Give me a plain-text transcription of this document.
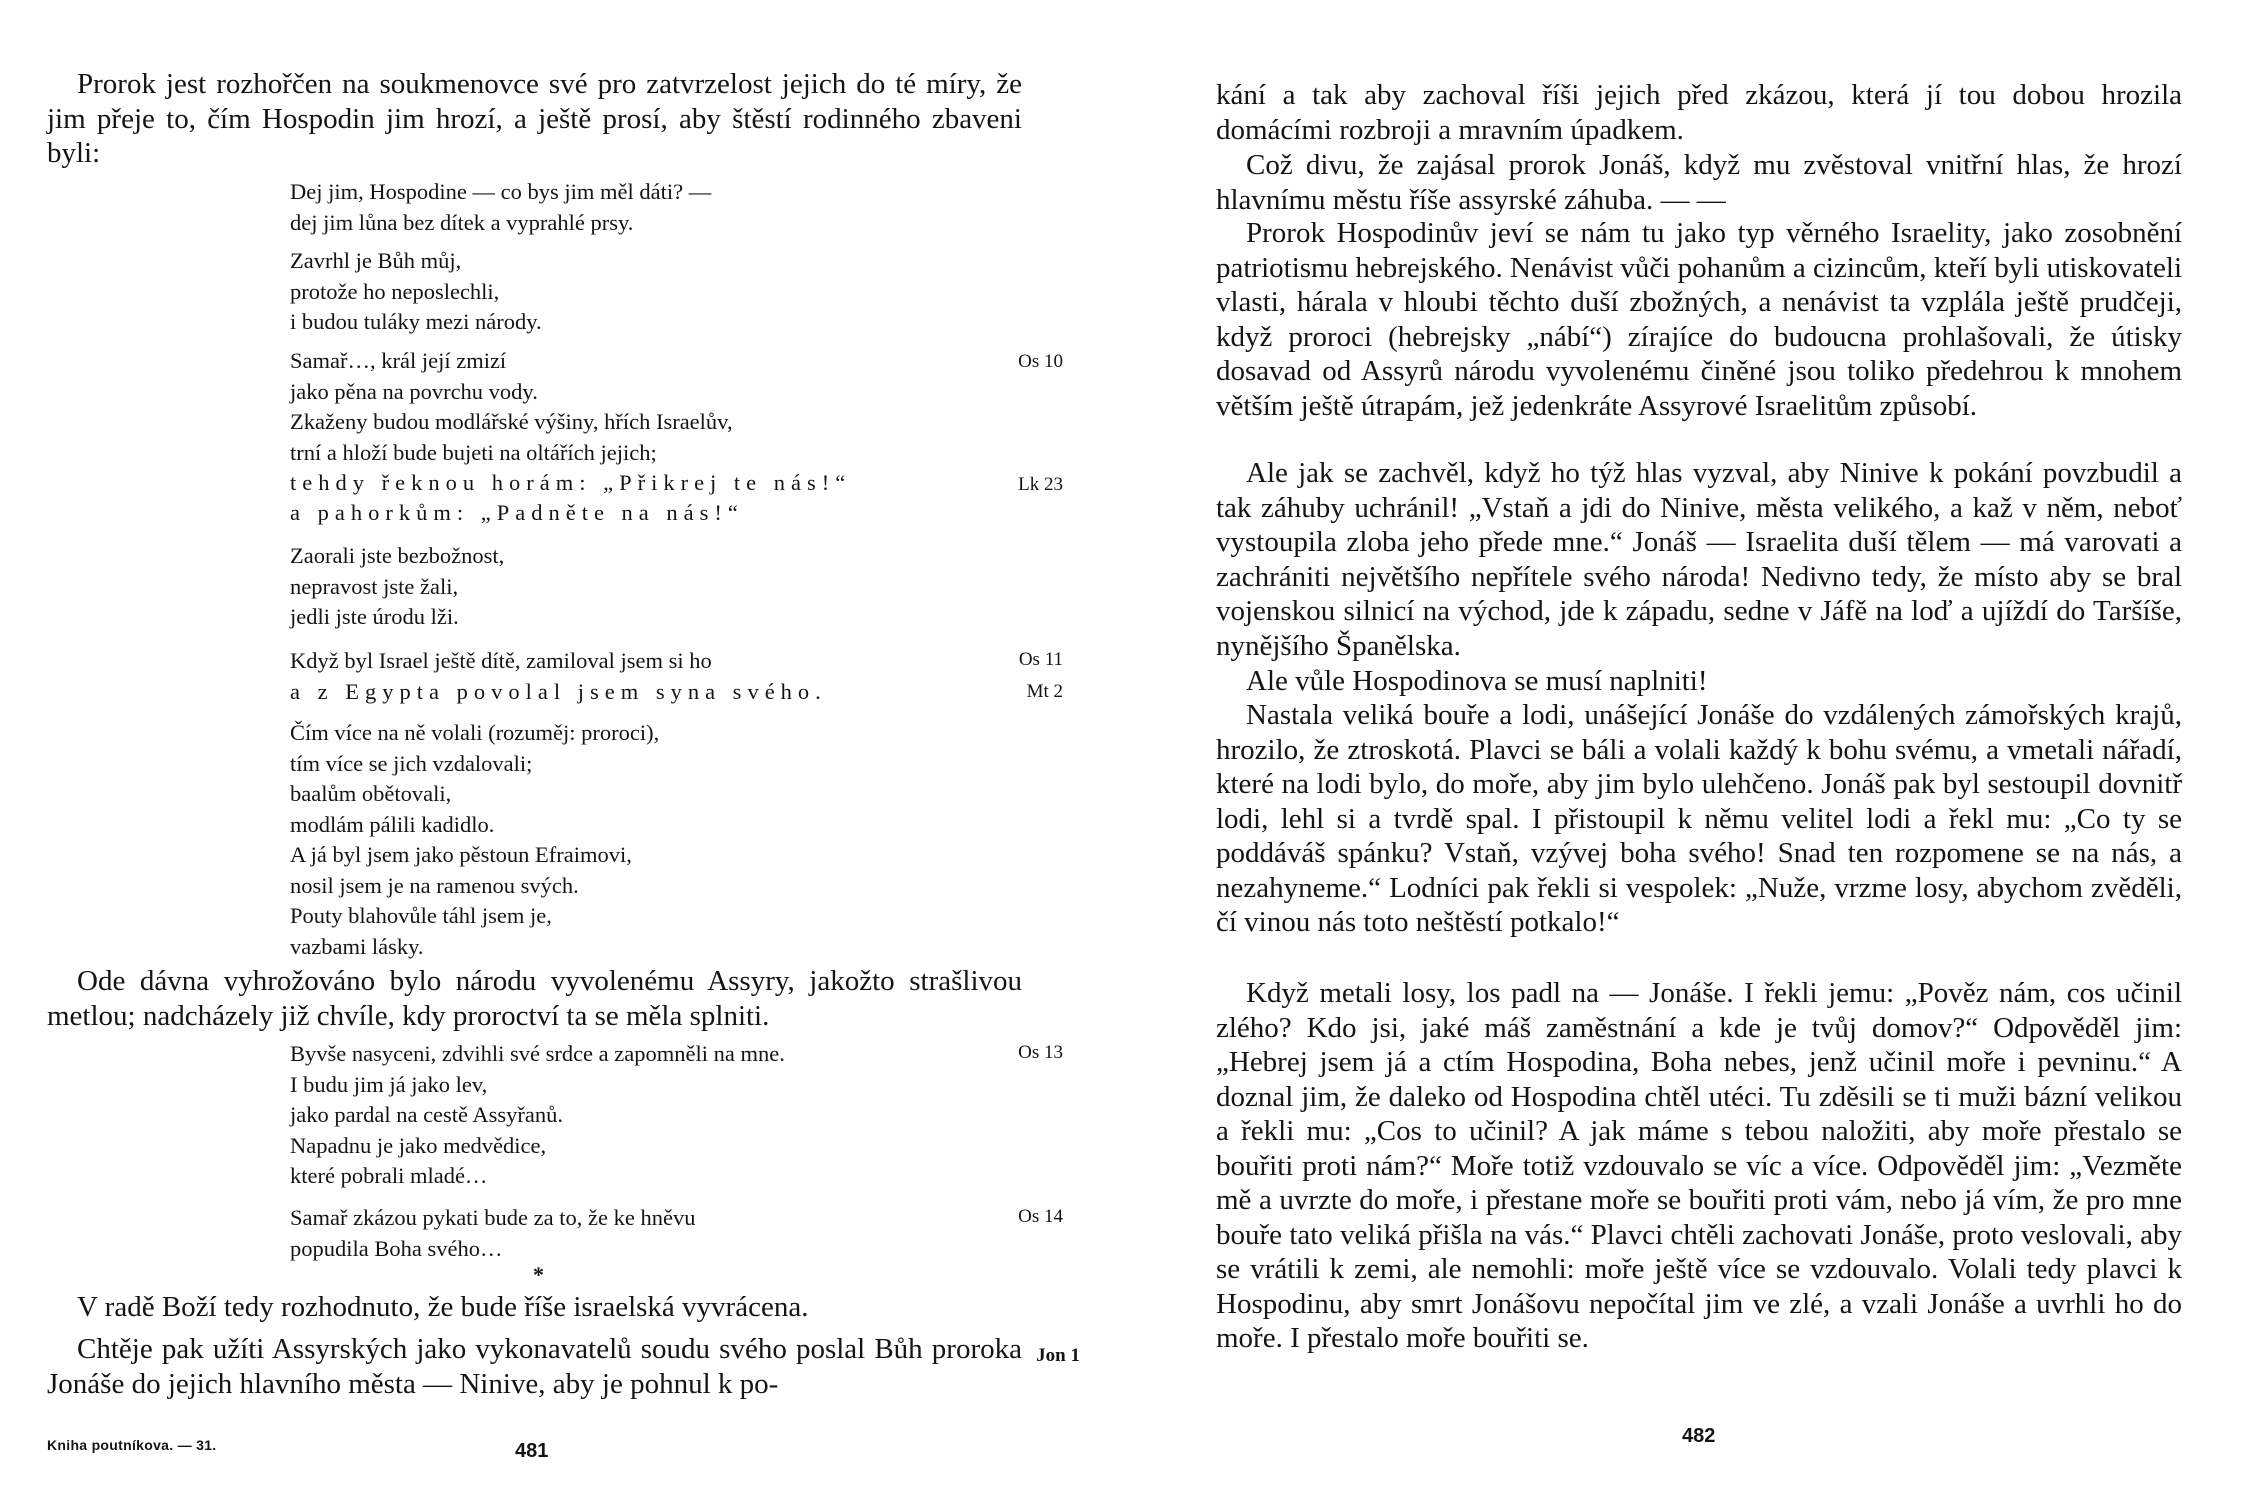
Prorok jest rozhořčen na soukmenovce své pro zatvrzelost jejich do té míry, že jim přeje to, čím Hospodin jim hrozí, a ještě prosí, aby štěstí rodinného zbaveni byli:

Dej jim, Hospodine — co bys jim měl dáti? —
dej jim lůna bez dítek a vyprahlé prsy.

Zavrhl je Bůh můj,
protože ho neposlechli,
i budou tuláky mezi národy.

Samař…, král její zmizí
jako pěna na povrchu vody.
Zkaženy budou modlářské výšiny, hřích Israelův,
trní a hloží bude bujeti na oltářích jejich;

tehdy řeknou horám: „Přikrej te nás!“

a pahorkům: „Padněte na nás!“

Zaorali jste bezbožnost,
nepravost jste žali,
jedli jste úrodu lži.

Když byl Israel ještě dítě, zamiloval jsem si ho

a z Egypta povolal jsem syna svého.

Čím více na ně volali (rozuměj: proroci),
tím více se jich vzdalovali;
baalům obětovali,
modlám pálili kadidlo.
A já byl jsem jako pěstoun Efraimovi,
nosil jsem je na ramenou svých.
Pouty blahovůle táhl jsem je,
vazbami lásky.

Ode dávna vyhrožováno bylo národu vyvolenému Assyry, jakožto strašlivou metlou; nadcházely již chvíle, kdy proroctví ta se měla splniti.

Byvše nasyceni, zdvihli své srdce a zapomněli na mne.
I budu jim já jako lev,
jako pardal na cestě Assyřanů.
Napadnu je jako medvědice,
které pobrali mladé…

Samař zkázou pykati bude za to, že ke hněvu
popudila Boha svého…

*

V radě Boží tedy rozhodnuto, že bude říše israelská vyvrácena.

Chtěje pak užíti Assyrských jako vykonavatelů soudu svého poslal Bůh proroka Jonáše do jejich hlavního města — Ninive, aby je pohnul k po-

Os 10
Lk 23
Os 11
Mt 2
Os 13
Os 14
Jon 1
Kniha poutníkova. — 31.	481

kání a tak aby zachoval říši jejich před zkázou, která jí tou dobou hrozila domácími rozbroji a mravním úpadkem.

Což divu, že zajásal prorok Jonáš, když mu zvěstoval vnitřní hlas, že hrozí hlavnímu městu říše assyrské záhuba. — —

Prorok Hospodinův jeví se nám tu jako typ věrného Israelity, jako zosobnění patriotismu hebrejského. Nenávist vůči pohanům a cizincům, kteří byli utiskovateli vlasti, hárala v hloubi těchto duší zbožných, a nenávist ta vzplála ještě prudčeji, když proroci (hebrejsky „nábí“) zírajíce do budoucna prohlašovali, že útisky dosavad od Assyrů národu vyvolenému činěné jsou toliko předehrou k mnohem větším ještě útrapám, jež jedenkráte Assyrové Israelitům způsobí.

Ale jak se zachvěl, když ho týž hlas vyzval, aby Ninive k pokání povzbudil a tak záhuby uchránil! „Vstaň a jdi do Ninive, města velikého, a kaž v něm, neboť vystoupila zloba jeho přede mne.“ Jonáš — Israelita duší tělem — má varovati a zachrániti největšího nepřítele svého národa! Nedivno tedy, že místo aby se bral vojenskou silnicí na východ, jde k západu, sedne v Jáfě na loď a ujíždí do Taršíše, nynějšího Španělska.

Ale vůle Hospodinova se musí naplniti!

Nastala veliká bouře a lodi, unášející Jonáše do vzdálených zámořských krajů, hrozilo, že ztroskotá. Plavci se báli a volali každý k bohu svému, a vmetali nářadí, které na lodi bylo, do moře, aby jim bylo ulehčeno. Jonáš pak byl sestoupil dovnitř lodi, lehl si a tvrdě spal. I přistoupil k němu velitel lodi a řekl mu: „Co ty se poddáváš spánku? Vstaň, vzývej boha svého! Snad ten rozpomene se na nás, a nezahyneme.“ Lodníci pak řekli si vespolek: „Nuže, vrzme losy, abychom zvěděli, čí vinou nás toto neštěstí potkalo!“

Když metali losy, los padl na — Jonáše. I řekli jemu: „Pověz nám, cos učinil zlého? Kdo jsi, jaké máš zaměstnání a kde je tvůj domov?“ Odpověděl jim: „Hebrej jsem já a ctím Hospodina, Boha nebes, jenž učinil moře i pevninu.“ A doznal jim, že daleko od Hospodina chtěl utéci. Tu zděsili se ti muži bázní velikou a řekli mu: „Cos to učinil? A jak máme s tebou naložiti, aby moře přestalo se bouřiti proti nám?“ Moře totiž vzdouvalo se víc a více. Odpověděl jim: „Vezměte mě a uvrzte do moře, i přestane moře se bouřiti proti vám, nebo já vím, že pro mne bouře tato veliká přišla na vás.“ Plavci chtěli zachovati Jonáše, proto veslovali, aby se vrátili k zemi, ale nemohli: moře ještě více se vzdouvalo. Volali tedy plavci k Hospodinu, aby smrt Jonášovu nepočítal jim ve zlé, a vzali Jonáše a uvrhli ho do moře. I přestalo moře bouřiti se.

482
